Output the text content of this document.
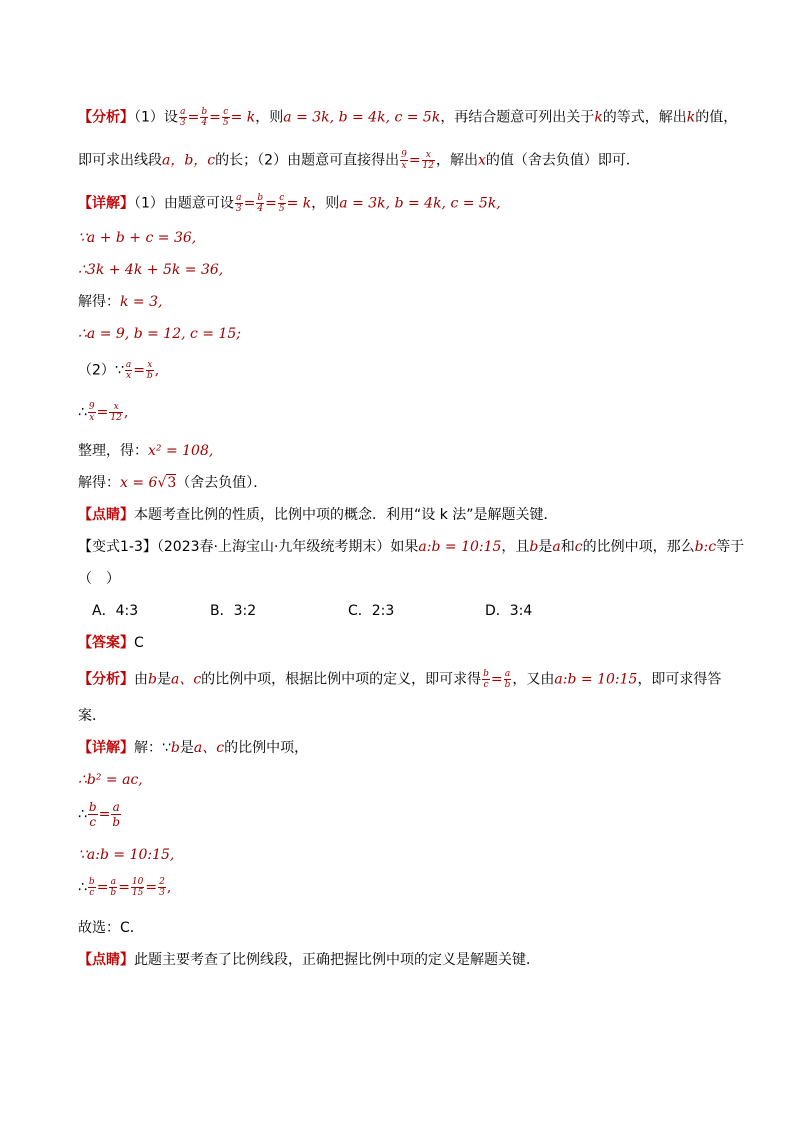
【分析】（1）设 $\frac{a}{3} = \frac{b}{4} = \frac{c}{5} = k$，则a = 3k, b = 4k, c = 5k，再结合题意可列出关于k的等式，解出k的值，
即可求出线段a，b，c的长；（2）由题意可直接得出 $\frac{9}{x} = \frac{x}{12}$ ，解出x的值（舍去负值）即可．
【详解】（1）由题意可设 $\frac{a}{3} = \frac{b}{4} = \frac{c}{5} = k$，则a = 3k, b = 4k, c = 5k,
∵a + b + c = 36,
∴3k + 4k + 5k = 36,
解得：k = 3,
∴a = 9, b = 12, c = 15;
（2）∵ $\frac{a}{x} = \frac{x}{b}$ ,
∴ $\frac{9}{x} = \frac{x}{12}$ ,
整理，得：x² = 108,
解得：x = 6√3（舍去负值）．
【点睛】本题考查比例的性质，比例中项的概念．利用“设 k 法”是解题关键．
【变式1-3】（2023春·上海宝山·九年级统考期末）如果a:b = 10:15，且b是a和c的比例中项，那么b:c等于
（　）
A．4:3	B．3:2	C．2:3	D．3:4
【答案】C
【分析】由b是a、c的比例中项，根据比例中项的定义，即可求得 $\frac{b}{c} = \frac{a}{b}$ ，又由a:b = 10:15，即可求得答
案．
【详解】解：∵b是a、c的比例中项，
∴b² = ac,
∴ $\frac{b}{c} = \frac{a}{b}$
∵a:b = 10:15,
∴ $\frac{b}{c} = \frac{a}{b} = \frac{10}{15} = \frac{2}{3}$ ,
故选：C．
【点睛】此题主要考查了比例线段，正确把握比例中项的定义是解题关键．
